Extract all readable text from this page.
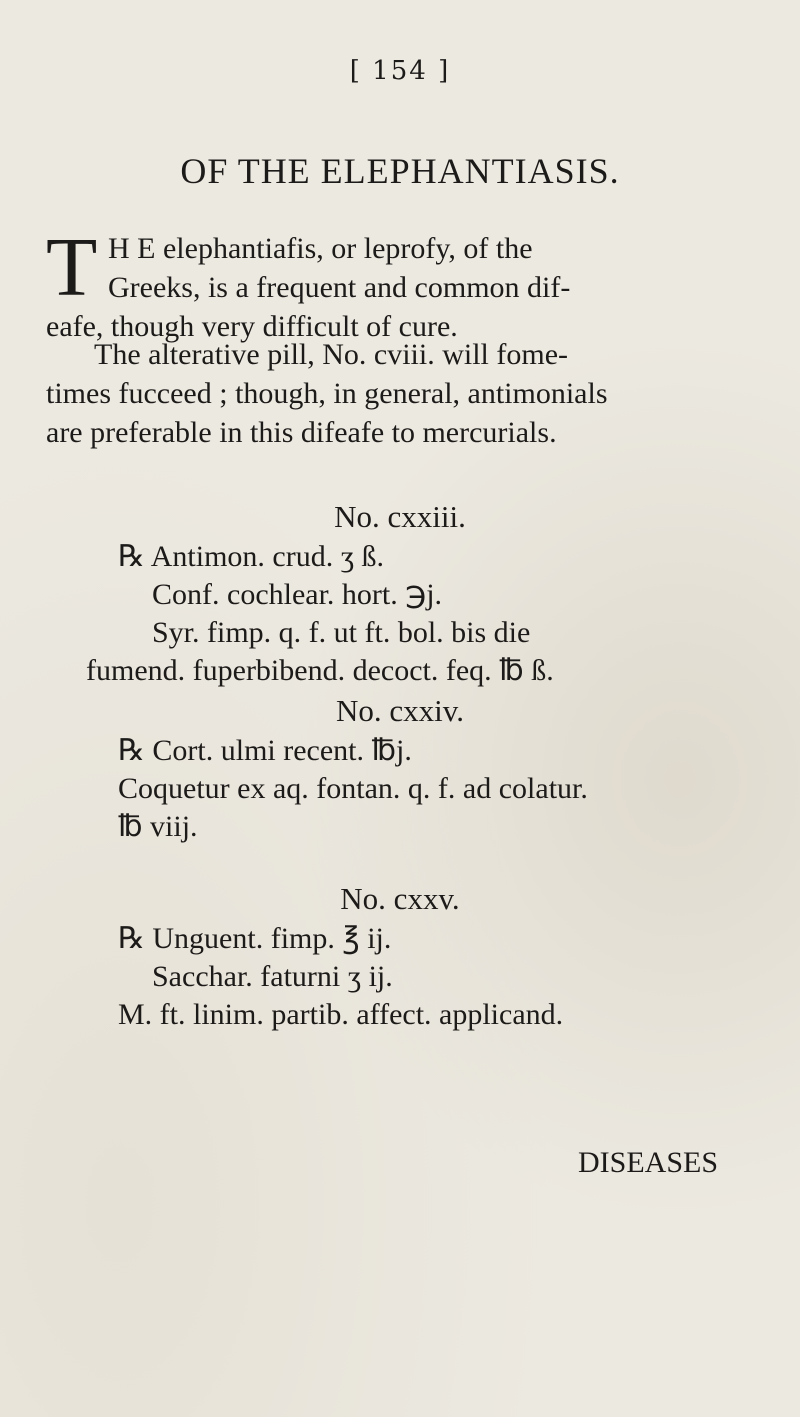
[ 154 ]
OF THE ELEPHANTIASIS.
T H E elephantiafis, or leprofy, of the
Greeks, is a frequent and common dif-
eafe, though very difficult of cure.
The alterative pill, No. cviii. will fome-
times fucceed ; though, in general, antimonials
are preferable in this difeafe to mercurials.
No. cxxiii.
℞ Antimon. crud. ʒ ß.
Conf. cochlear. hort. ℈j.
Syr. fimp. q. f. ut ft. bol. bis die
fumend. fuperbibend. decoct. feq. ℔ ß.
No. cxxiv.
℞ Cort. ulmi recent. ℔j.
Coquetur ex aq. fontan. q. f. ad colatur.
℔ viij.
No. cxxv.
℞ Unguent. fimp. ℥ ij.
Sacchar. faturni ʒ ij.
M. ft. linim. partib. affect. applicand.
DISEASES
